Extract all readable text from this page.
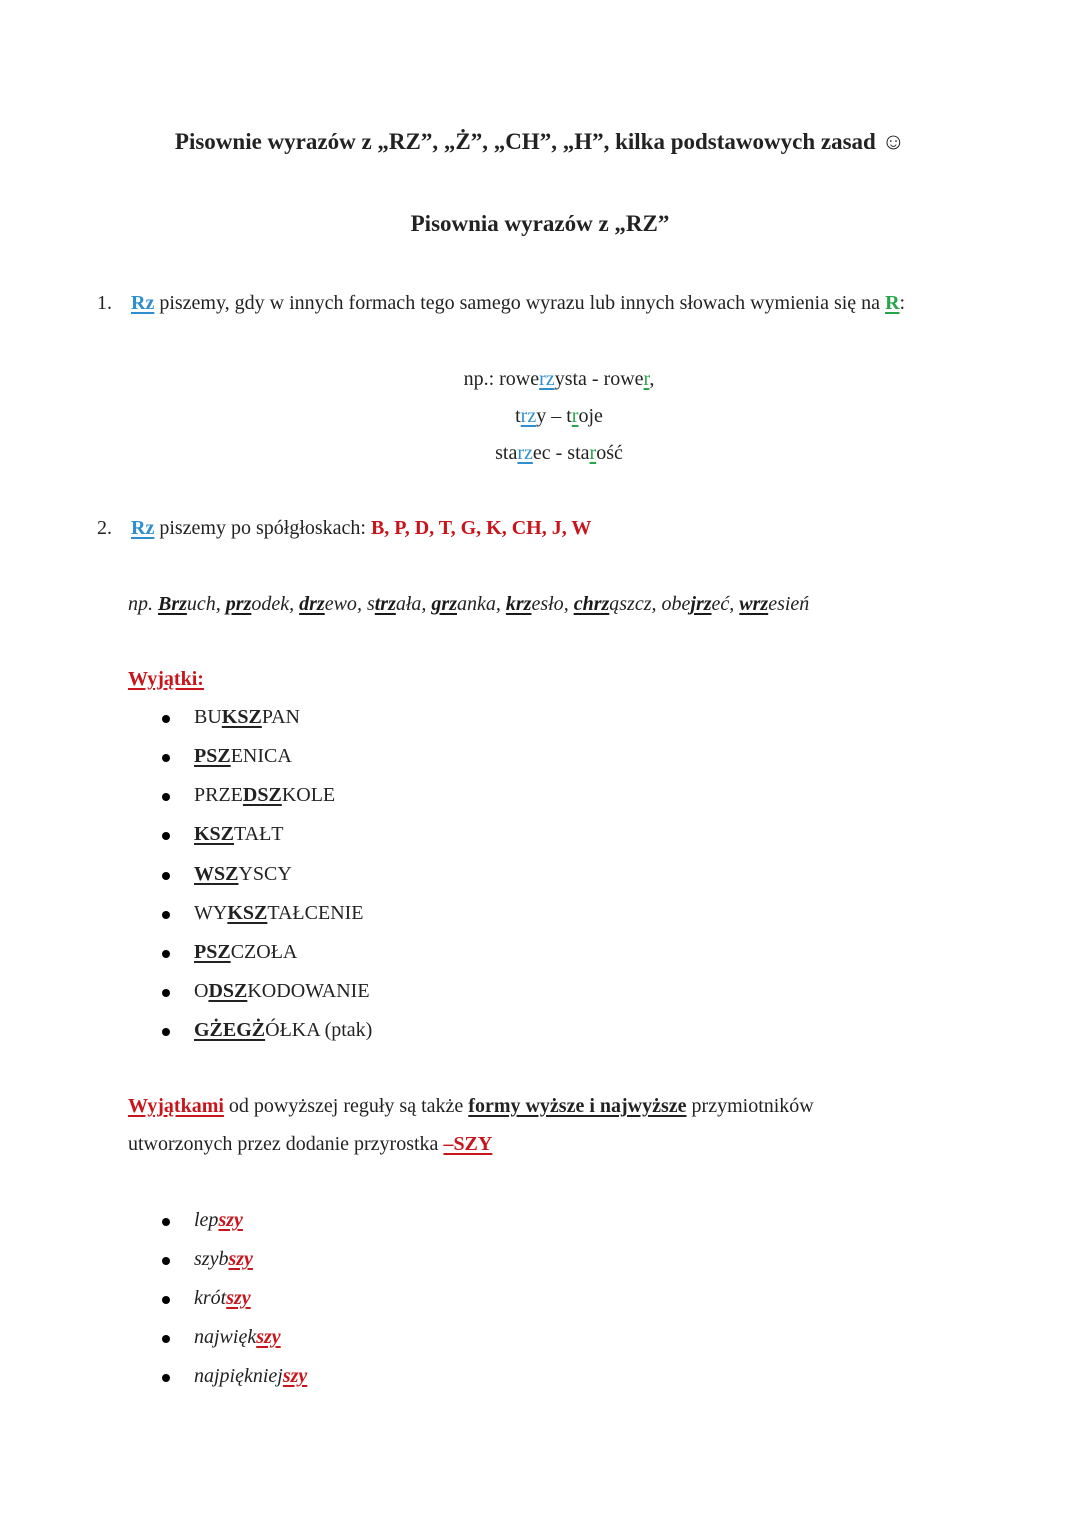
Pisownie wyrazów z „RZ”, „Ż”, „CH”, „H”, kilka podstawowych zasad ☺
Pisownia wyrazów z „RZ”
1. Rz piszemy, gdy w innych formach tego samego wyrazu lub innych słowach wymienia się na R:
np.: rowerzysta - rower,
trzy – troje
starzec - starość
2. Rz piszemy po spółgłoskach: B, P, D, T, G, K, CH, J, W
np. Brzuch, przodek, drzewo, strzała, grzanka, krzesło, chrząszcz, obejrzeć, wrzesień
Wyjątki:
BUKSZPAN
PSZENICA
PRZEDSZKOLE
KSZTAŁT
WSZYSCY
WYKSZTAŁCENIE
PSZCZOŁA
ODSZKODOWANIE
GŻEGŻÓŁKA (ptak)
Wyjątkami od powyższej reguły są także formy wyższe i najwyższe przymiotników
utworzonych przez dodanie przyrostka –SZY
lepszy
szybszy
krótszy
największy
najpiękniejszy
